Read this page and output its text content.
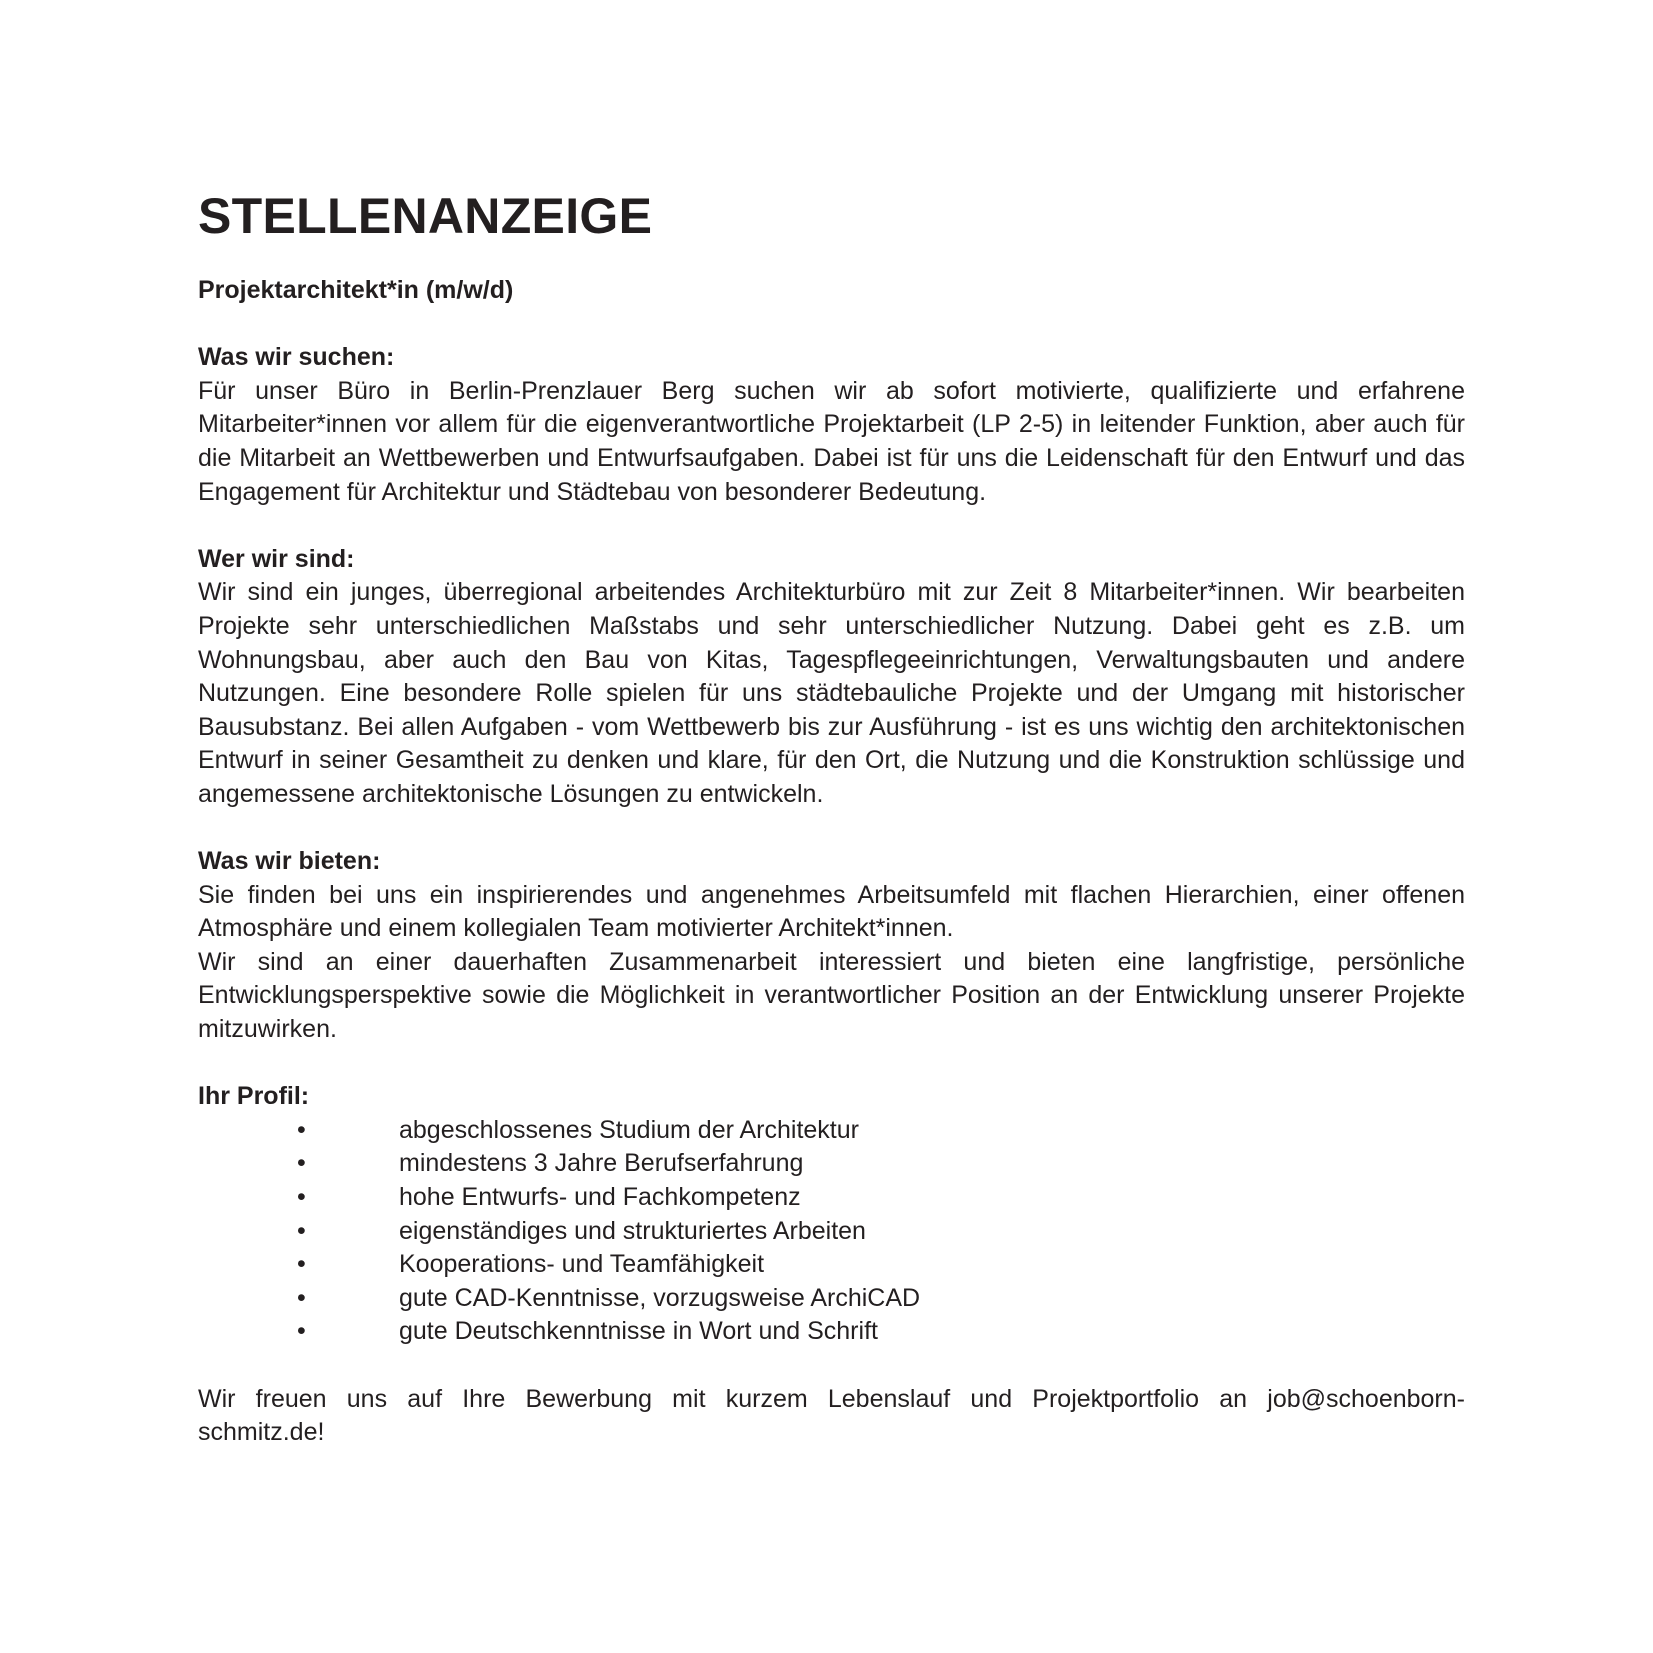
STELLENANZEIGE
Projektarchitekt*in (m/w/d)
Was wir suchen:

Für unser Büro in Berlin-Prenzlauer Berg suchen wir ab sofort motivierte, qualifizierte und erfahrene Mitarbeiter*innen vor allem für die eigenverantwortliche Projektarbeit (LP 2-5) in leitender Funktion, aber auch für die Mitarbeit an Wettbewerben und Entwurfsaufgaben. Dabei ist für uns die Leidenschaft für den Entwurf und das Engagement für Architektur und Städtebau von besonderer Bedeutung.

Wer wir sind:

Wir sind ein junges, überregional arbeitendes Architekturbüro mit zur Zeit 8 Mitarbeiter*innen. Wir bearbeiten Projekte sehr unterschiedlichen Maßstabs und sehr unterschiedlicher Nutzung. Dabei geht es z.B. um Wohnungsbau, aber auch den Bau von Kitas, Tagespflegeeinrichtungen, Verwaltungsbauten und andere Nutzungen. Eine besondere Rolle spielen für uns städtebauliche Projekte und der Umgang mit historischer Bausubstanz. Bei allen Aufgaben - vom Wettbewerb bis zur Ausführung - ist es uns wichtig den architektonischen Entwurf in seiner Gesamtheit zu denken und klare, für den Ort, die Nutzung und die Konstruktion schlüssige und angemessene architektonische Lösungen zu entwickeln.

Was wir bieten:

Sie finden bei uns ein inspirierendes und angenehmes Arbeitsumfeld mit flachen Hierarchien, einer offenen Atmosphäre und einem kollegialen Team motivierter Architekt*innen.

Wir sind an einer dauerhaften Zusammenarbeit interessiert und bieten eine langfristige, persönliche Entwicklungsperspektive sowie die Möglichkeit in verantwortlicher Position an der Entwicklung unserer Projekte mitzuwirken.

Ihr Profil:
•	abgeschlossenes Studium der Architektur
•	mindestens 3 Jahre Berufserfahrung
•	hohe Entwurfs- und Fachkompetenz
•	eigenständiges und strukturiertes Arbeiten
•	Kooperations- und Teamfähigkeit
•	gute CAD-Kenntnisse, vorzugsweise ArchiCAD
•	gute Deutschkenntnisse in Wort und Schrift
Wir freuen uns auf Ihre Bewerbung mit kurzem Lebenslauf und Projektportfolio an job@schoenborn-
schmitz.de!
